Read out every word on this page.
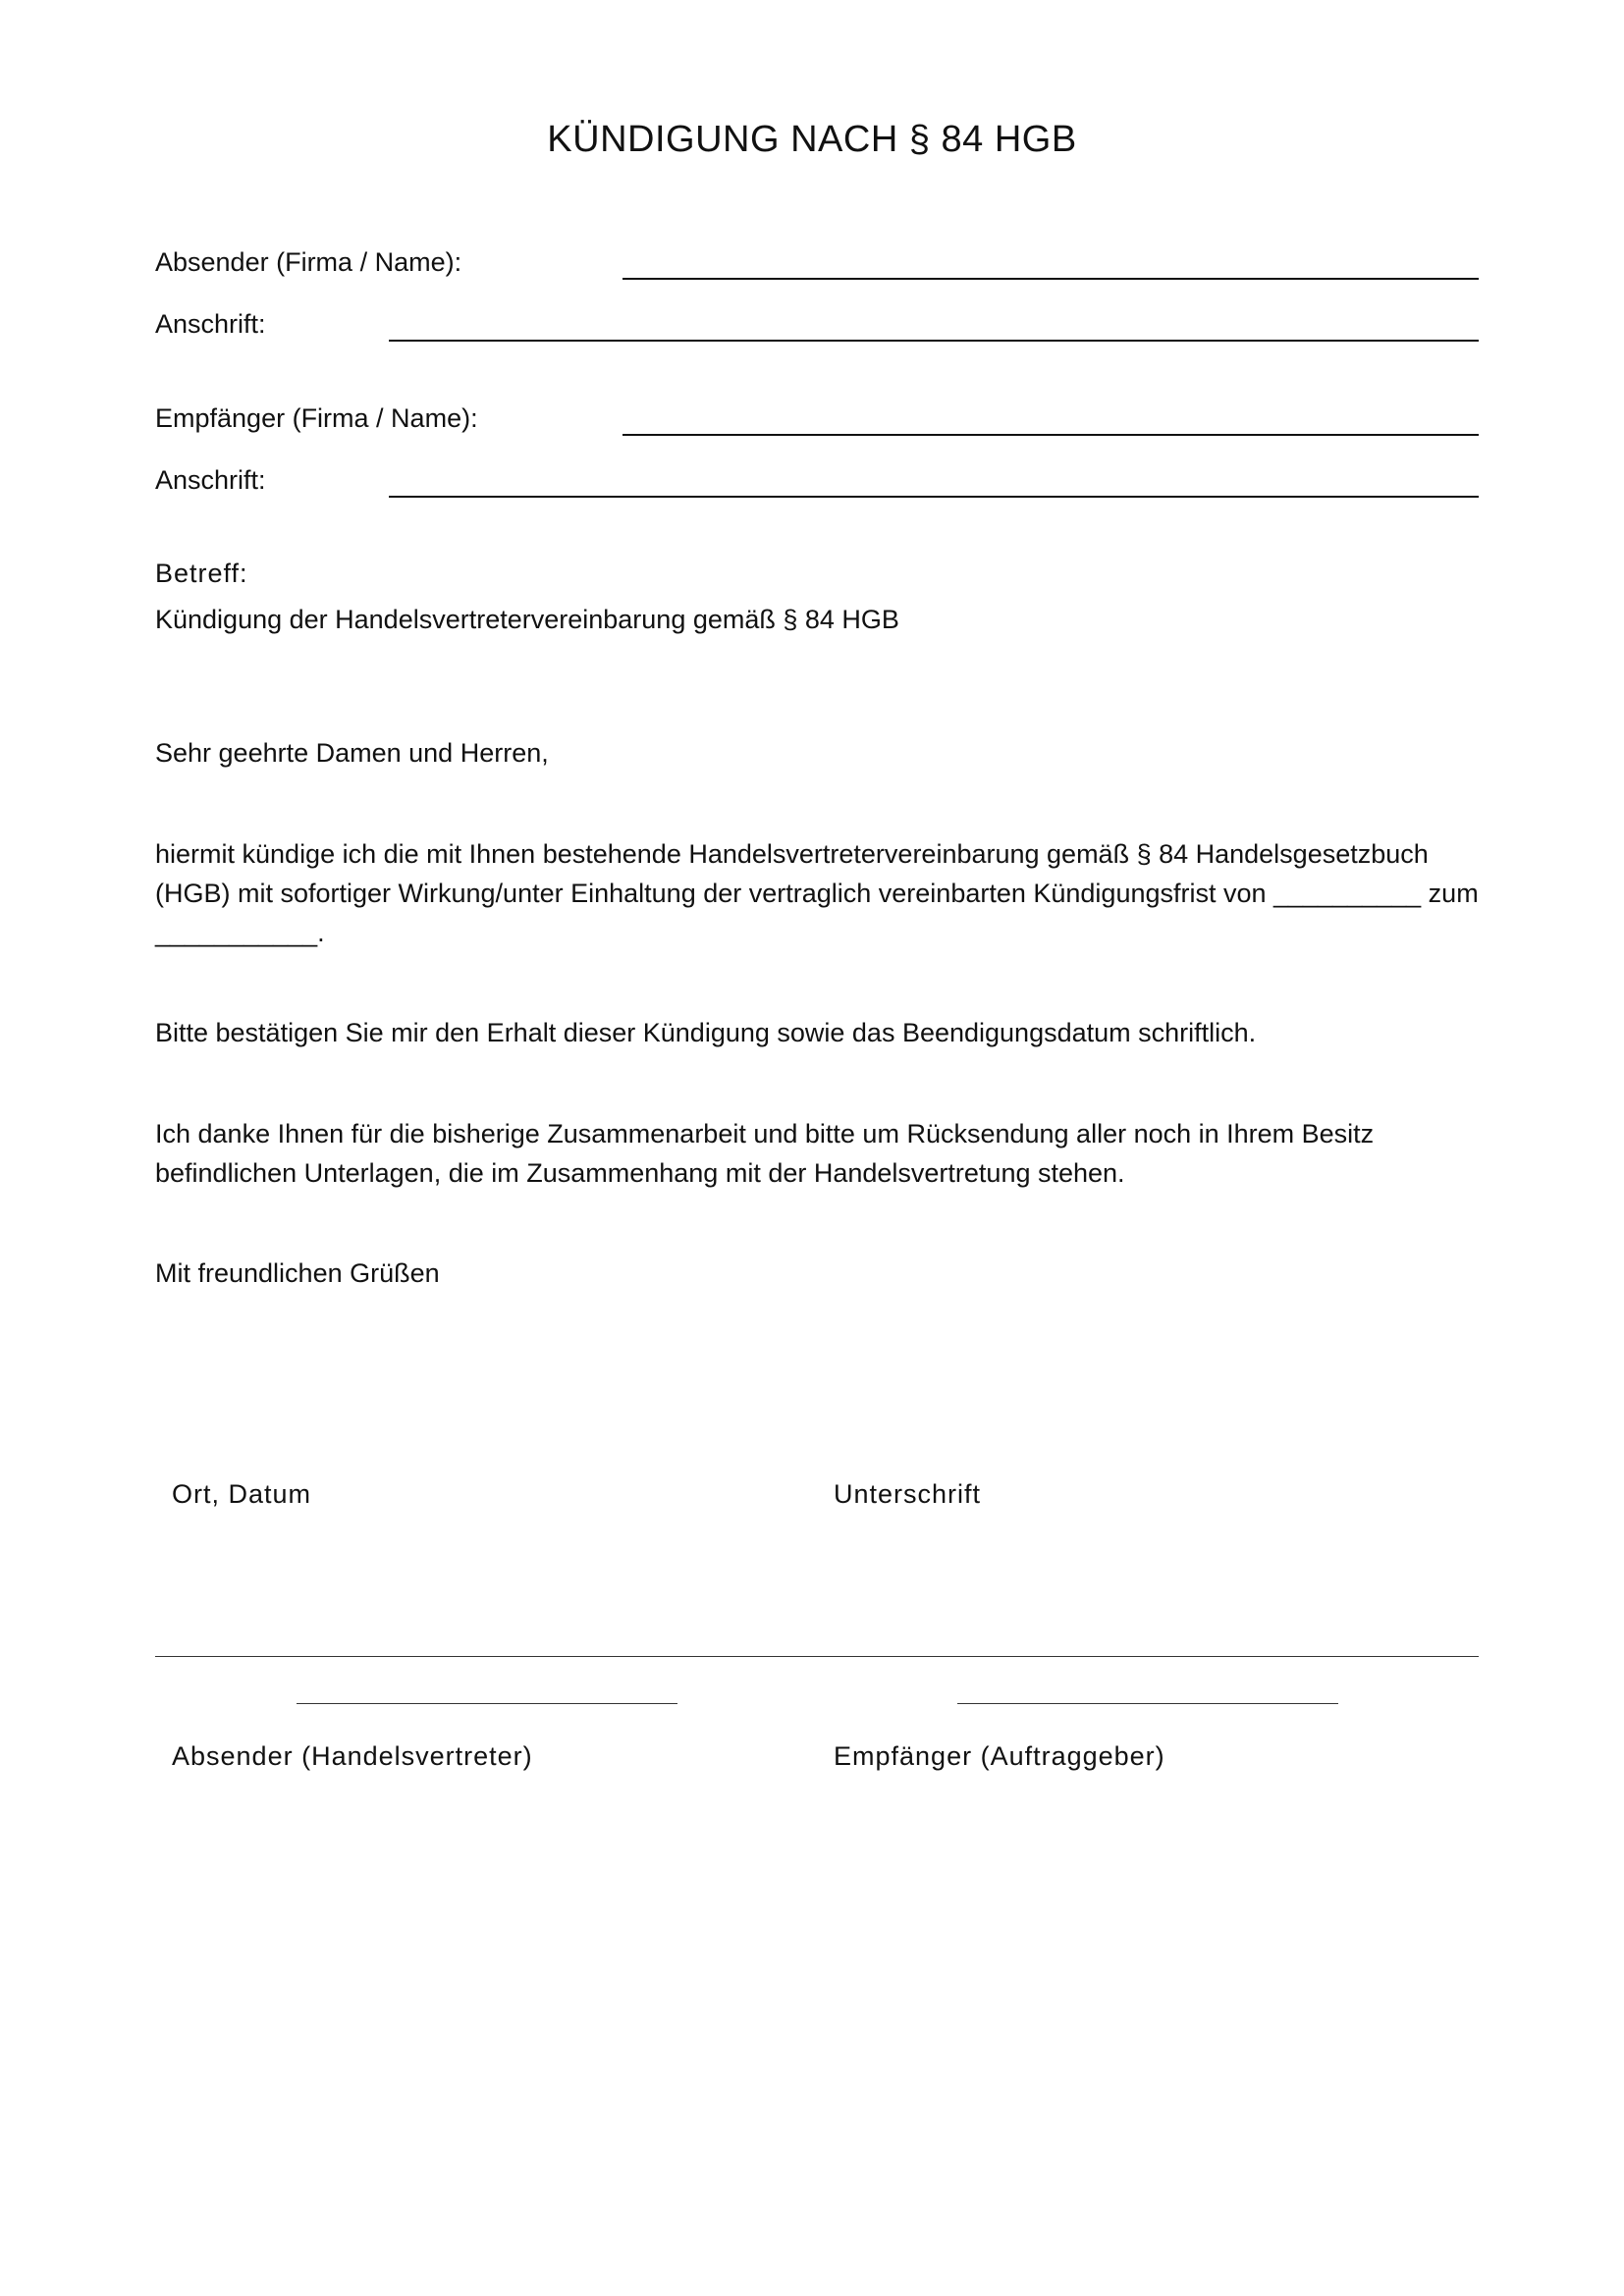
KÜNDIGUNG NACH § 84 HGB
Absender (Firma / Name):
Anschrift:
Empfänger (Firma / Name):
Anschrift:
Betreff:
Kündigung der Handelsvertretervereinbarung gemäß § 84 HGB
Sehr geehrte Damen und Herren,
hiermit kündige ich die mit Ihnen bestehende Handelsvertretervereinbarung gemäß § 84 Handelsgesetzbuch (HGB) mit sofortiger Wirkung/unter Einhaltung der vertraglich vereinbarten Kündigungsfrist von __________ zum ___________.
Bitte bestätigen Sie mir den Erhalt dieser Kündigung sowie das Beendigungsdatum schriftlich.
Ich danke Ihnen für die bisherige Zusammenarbeit und bitte um Rücksendung aller noch in Ihrem Besitz befindlichen Unterlagen, die im Zusammenhang mit der Handelsvertretung stehen.
Mit freundlichen Grüßen
Ort, Datum	Unterschrift
Absender (Handelsvertreter)	Empfänger (Auftraggeber)
